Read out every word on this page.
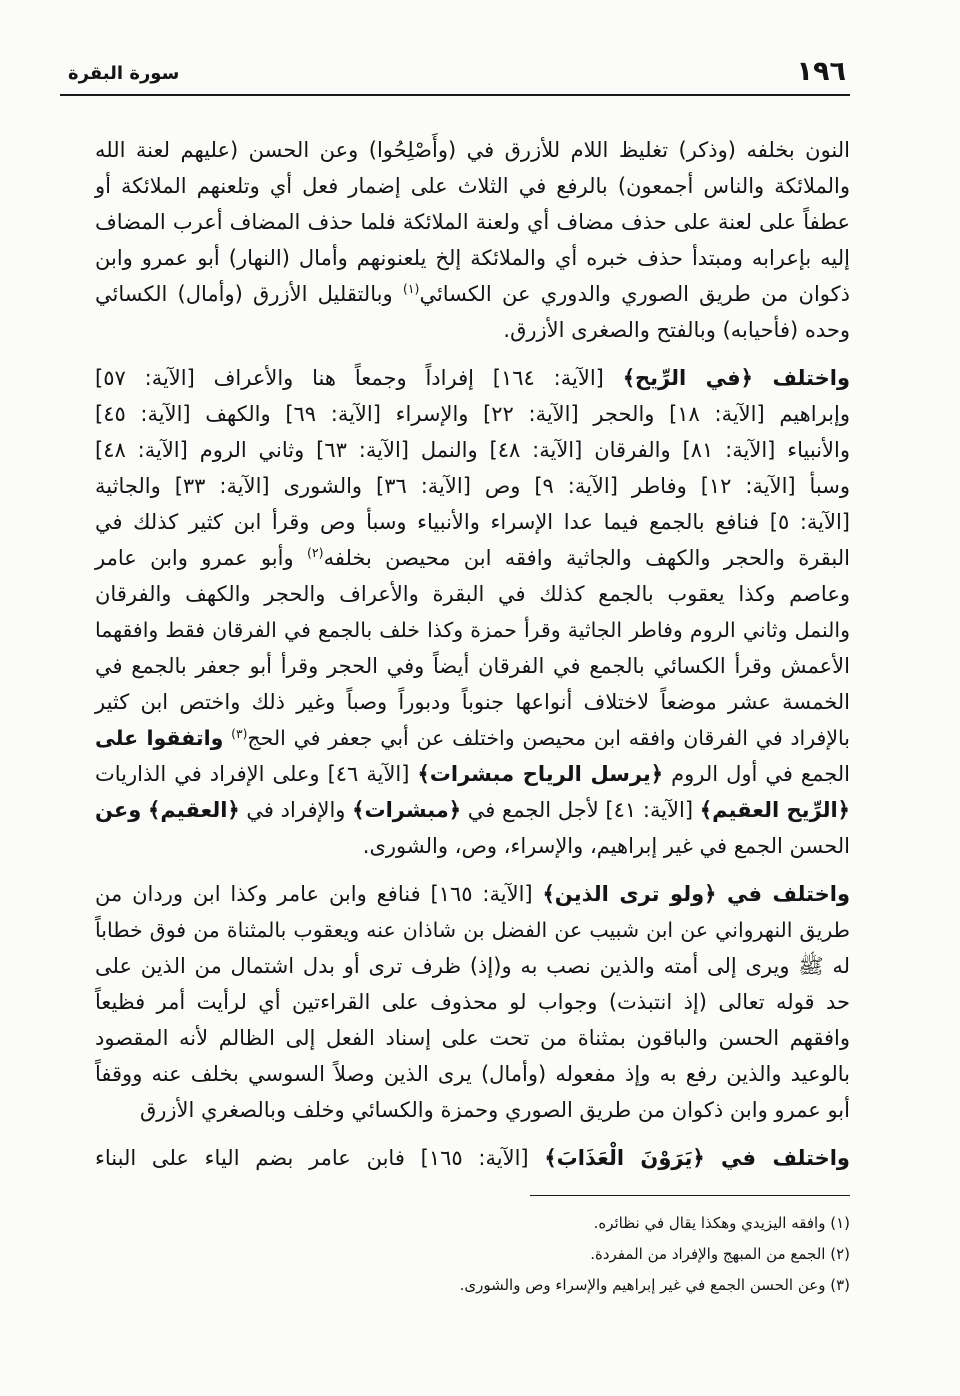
١٩٦
سورة البقرة
النون بخلفه (وذكر) تغليظ اللام للأزرق في (وأَصْلِحُوا) وعن الحسن (عليهم لعنة الله
والملائكة والناس أجمعون) بالرفع في الثلاث على إضمار فعل أي وتلعنهم الملائكة أو
عطفاً على لعنة على حذف مضاف أي ولعنة الملائكة فلما حذف المضاف أعرب المضاف
إليه بإعرابه ومبتدأ حذف خبره أي والملائكة إلخ يلعنونهم وأمال (النهار) أبو عمرو وابن
ذكوان من طريق الصوري والدوري عن الكسائي$^{(١)}$ وبالتقليل الأزرق (وأمال) الكسائي
وحده (فأحيابه) وبالفتح والصغرى الأزرق.
واختلف ﴿في الرِّيح﴾ [الآية: ١٦٤] إفراداً وجمعاً هنا والأعراف [الآية: ٥٧]
وإبراهيم [الآية: ١٨] والحجر [الآية: ٢٢] والإسراء [الآية: ٦٩] والكهف [الآية: ٤٥]
والأنبياء [الآية: ٨١] والفرقان [الآية: ٤٨] والنمل [الآية: ٦٣] وثاني الروم [الآية: ٤٨]
وسبأ [الآية: ١٢] وفاطر [الآية: ٩] وص [الآية: ٣٦] والشورى [الآية: ٣٣] والجاثية
[الآية: ٥] فنافع بالجمع فيما عدا الإسراء والأنبياء وسبأ وص وقرأ ابن كثير كذلك في
البقرة والحجر والكهف والجاثية وافقه ابن محيصن بخلفه$^{(٢)}$ وأبو عمرو وابن عامر
وعاصم وكذا يعقوب بالجمع كذلك في البقرة والأعراف والحجر والكهف والفرقان
والنمل وثاني الروم وفاطر الجاثية وقرأ حمزة وكذا خلف بالجمع في الفرقان فقط وافقهما
الأعمش وقرأ الكسائي بالجمع في الفرقان أيضاً وفي الحجر وقرأ أبو جعفر بالجمع في
الخمسة عشر موضعاً لاختلاف أنواعها جنوباً ودبوراً وصباً وغير ذلك واختص ابن كثير
بالإفراد في الفرقان وافقه ابن محيصن واختلف عن أبي جعفر في الحج$^{(٣)}$ واتفقوا على
الجمع في أول الروم ﴿يرسل الرياح مبشرات﴾ [الآية ٤٦] وعلى الإفراد في الذاريات
﴿الرِّيح العقيم﴾ [الآية: ٤١] لأجل الجمع في ﴿مبشرات﴾ والإفراد في ﴿العقيم﴾ وعن
الحسن الجمع في غير إبراهيم، والإسراء، وص، والشورى.
واختلف في ﴿ولو ترى الذين﴾ [الآية: ١٦٥] فنافع وابن عامر وكذا ابن وردان من
طريق النهرواني عن ابن شبيب عن الفضل بن شاذان عنه ويعقوب بالمثناة من فوق خطاباً
له ﷺ ويرى إلى أمته والذين نصب به و(إذ) ظرف ترى أو بدل اشتمال من الذين على
حد قوله تعالى (إذ انتبذت) وجواب لو محذوف على القراءتين أي لرأيت أمر فظيعاً
وافقهم الحسن والباقون بمثناة من تحت على إسناد الفعل إلى الظالم لأنه المقصود
بالوعيد والذين رفع به وإذ مفعوله (وأمال) يرى الذين وصلاً السوسي بخلف عنه ووقفاً
أبو عمرو وابن ذكوان من طريق الصوري وحمزة والكسائي وخلف وبالصغري الأزرق
واختلف في ﴿يَرَوْنَ الْعَذَابَ﴾ [الآية: ١٦٥] فابن عامر بضم الياء على البناء
(١) وافقه اليزيدي وهكذا يقال في نظائره.
(٢) الجمع من المبهج والإفراد من المفردة.
(٣) وعن الحسن الجمع في غير إبراهيم والإسراء وص والشورى.
